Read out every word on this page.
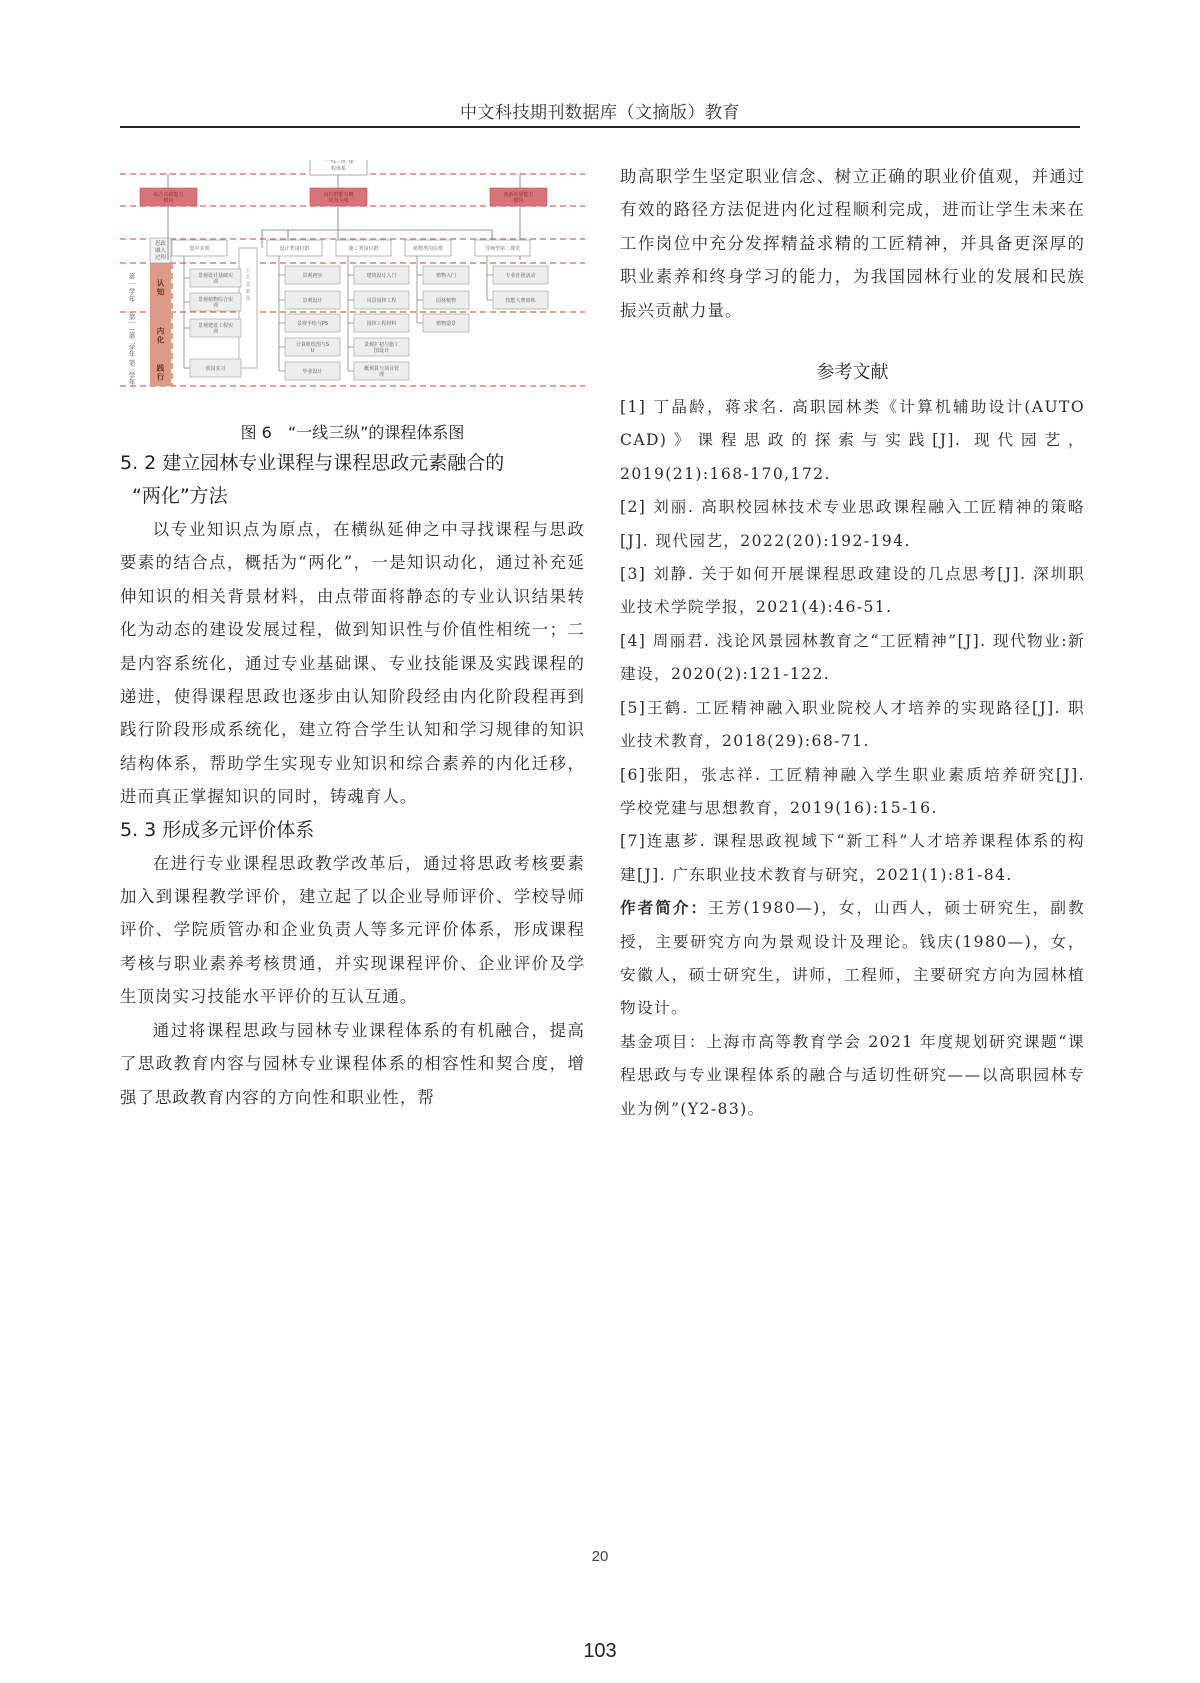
中文科技期刊数据库（文摘版）教育
思政融入过程
“一线三纵”课
程体系
综合实践能力模块
岗位群能力模块为主线
创新拓展能力模块
第一学年
认知
第一—第二学年
内化
第三学年
践行
公共基础课
集中实训
景观设计基础实训
景观植物综合实训
景观建设工程实训
顶岗实习
设计类岗位群
景观初步
景观设计
景观手绘与PS
计算机绘图与S U
毕业设计
施工类岗位群
建筑设计入门
风景园林工程
园林工程材料
景观扩初与施工图设计
概预算与项目管理
植物类岗位群
植物入门
园林植物
植物造景
导师型第二课堂
专业社团活动
技能大赛训练
图 6　“一线三纵”的课程体系图

5. 2 建立园林专业课程与课程思政元素融合的

“两化”方法

以专业知识点为原点，在横纵延伸之中寻找课程与思政要素的结合点，概括为“两化”，一是知识动化，通过补充延伸知识的相关背景材料，由点带面将静态的专业认识结果转化为动态的建设发展过程，做到知识性与价值性相统一；二是内容系统化，通过专业基础课、专业技能课及实践课程的递进，使得课程思政也逐步由认知阶段经由内化阶段程再到践行阶段形成系统化，建立符合学生认知和学习规律的知识结构体系，帮助学生实现专业知识和综合素养的内化迁移，进而真正掌握知识的同时，铸魂育人。

5. 3 形成多元评价体系

在进行专业课程思政教学改革后，通过将思政考核要素加入到课程教学评价，建立起了以企业导师评价、学校导师评价、学院质管办和企业负责人等多元评价体系，形成课程考核与职业素养考核贯通，并实现课程评价、企业评价及学生顶岗实习技能水平评价的互认互通。

通过将课程思政与园林专业课程体系的有机融合，提高了思政教育内容与园林专业课程体系的相容性和契合度，增强了思政教育内容的方向性和职业性，帮

助高职学生坚定职业信念、树立正确的职业价值观，并通过有效的路径方法促进内化过程顺利完成，进而让学生未来在工作岗位中充分发挥精益求精的工匠精神，并具备更深厚的职业素养和终身学习的能力，为我国园林行业的发展和民族振兴贡献力量。

参考文献

[1] 丁晶龄，蒋求名. 高职园林类《计算机辅助设计(AUTO CAD)》课程思政的探索与实践[J]. 现代园艺，2019(21):168-170,172.

[2] 刘丽. 高职校园林技术专业思政课程融入工匠精神的策略[J]. 现代园艺，2022(20):192-194.

[3] 刘静. 关于如何开展课程思政建设的几点思考[J]. 深圳职业技术学院学报，2021(4):46-51.

[4] 周丽君. 浅论风景园林教育之“工匠精神”[J]. 现代物业:新建设，2020(2):121-122.

[5]王鹤. 工匠精神融入职业院校人才培养的实现路径[J]. 职业技术教育，2018(29):68-71.

[6]张阳，张志祥. 工匠精神融入学生职业素质培养研究[J]. 学校党建与思想教育，2019(16):15-16.

[7]连惠芗. 课程思政视域下“新工科”人才培养课程体系的构建[J]. 广东职业技术教育与研究，2021(1):81-84.

作者简介：王芳(1980—)，女，山西人，硕士研究生，副教授，主要研究方向为景观设计及理论。钱庆(1980—)，女，安徽人，硕士研究生，讲师，工程师，主要研究方向为园林植物设计。

基金项目：上海市高等教育学会 2021 年度规划研究课题“课程思政与专业课程体系的融合与适切性研究——以高职园林专业为例”(Y2-83)。

20
103
